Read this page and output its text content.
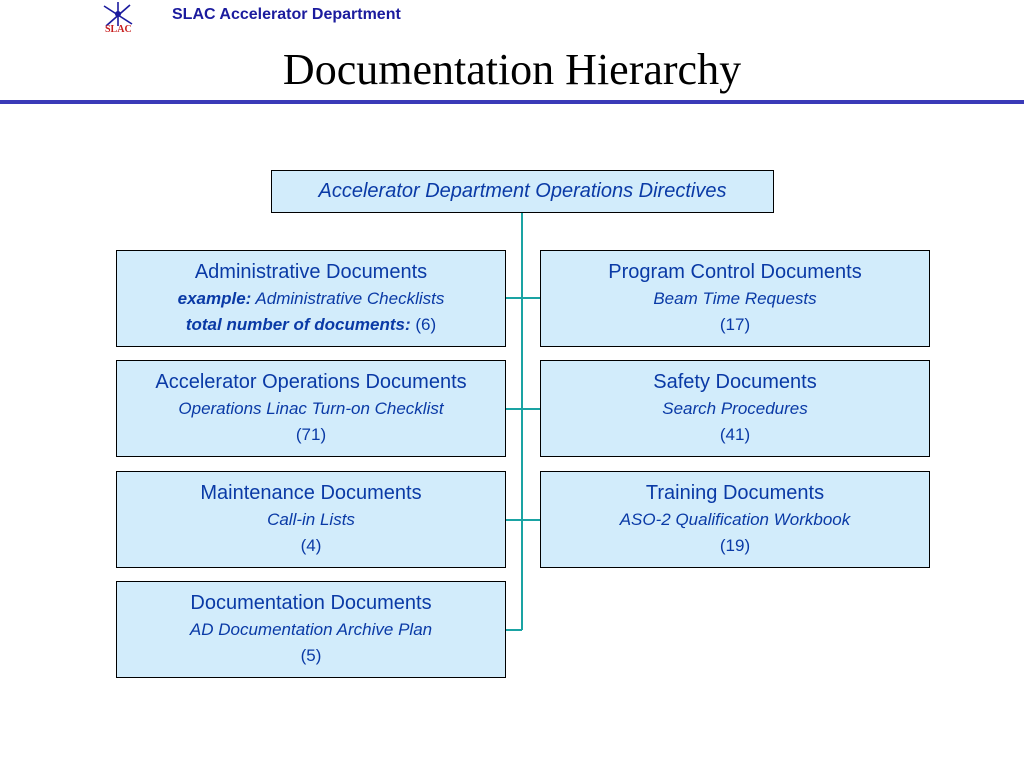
SLAC
SLAC Accelerator Department
Documentation Hierarchy
Accelerator Department Operations Directives
Administrative Documents
example: Administrative Checklists
total number of documents: (6)
Accelerator Operations Documents
Operations Linac Turn-on Checklist
(71)
Maintenance Documents
Call-in Lists
(4)
Documentation Documents
AD Documentation Archive Plan
(5)
Program Control Documents
Beam Time Requests
(17)
Safety Documents
Search Procedures
(41)
Training Documents
ASO-2 Qualification Workbook
(19)
